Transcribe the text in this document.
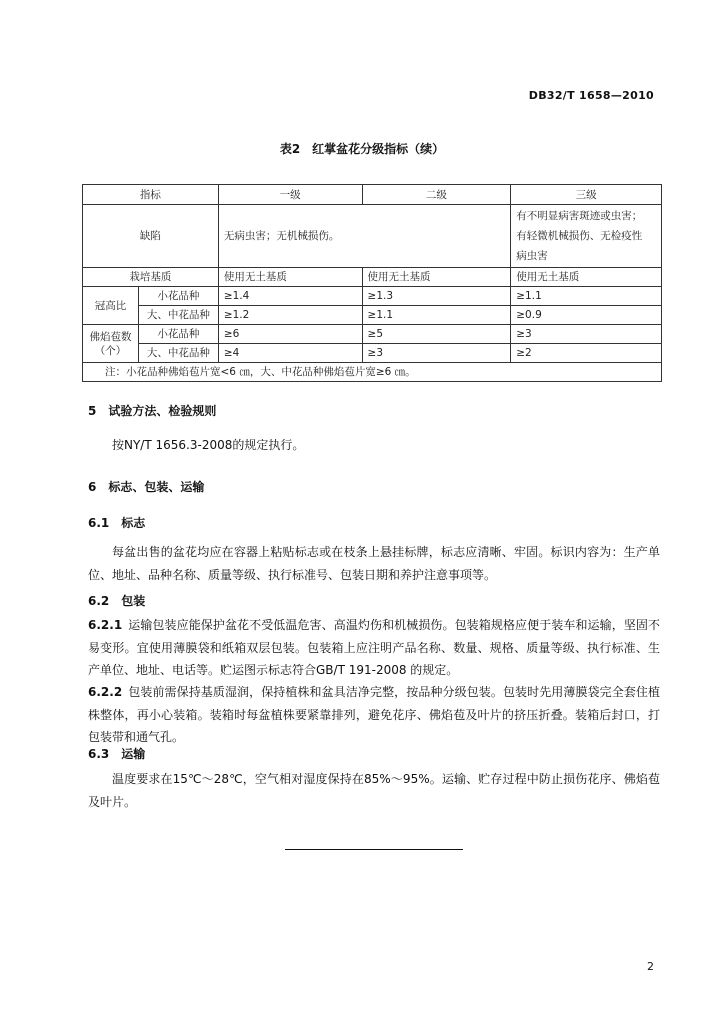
DB32/T 1658—2010
表2　红掌盆花分级指标（续）
指标		一级	二级	三级
缺陷		无病虫害；无机械损伤。		有不明显病害斑迹或虫害；
有轻微机械损伤、无检疫性
病虫害

栽培基质		使用无土基质	使用无土基质	使用无土基质
冠高比	小花品种	≥1.4	≥1.3	≥1.1
	大、中花品种	≥1.2	≥1.1	≥0.9

佛焰苞数
（个）	小花品种	≥6	≥5	≥3
	大、中花品种	≥4	≥3	≥2
注：小花品种佛焰苞片宽<6 ㎝，大、中花品种佛焰苞片宽≥6 ㎝。				
5　试验方法、检验规则
按NY/T 1656.3-2008的规定执行。
6　标志、包装、运输
6.1　标志
每盆出售的盆花均应在容器上粘贴标志或在枝条上悬挂标牌，标志应清晰、牢固。标识内容为：生产单位、地址、品种名称、质量等级、执行标准号、包装日期和养护注意事项等。
6.2　包装
6.2.1 运输包装应能保护盆花不受低温危害、高温灼伤和机械损伤。包装箱规格应便于装车和运输，坚固不易变形。宜使用薄膜袋和纸箱双层包装。包装箱上应注明产品名称、数量、规格、质量等级、执行标准、生产单位、地址、电话等。贮运图示标志符合GB/T 191-2008 的规定。
6.2.2 包装前需保持基质湿润，保持植株和盆具洁净完整，按品种分级包装。包装时先用薄膜袋完全套住植株整体，再小心装箱。装箱时每盆植株要紧靠排列，避免花序、佛焰苞及叶片的挤压折叠。装箱后封口，打包装带和通气孔。
6.3　运输
温度要求在15℃～28℃，空气相对湿度保持在85%～95%。运输、贮存过程中防止损伤花序、佛焰苞及叶片。
2
